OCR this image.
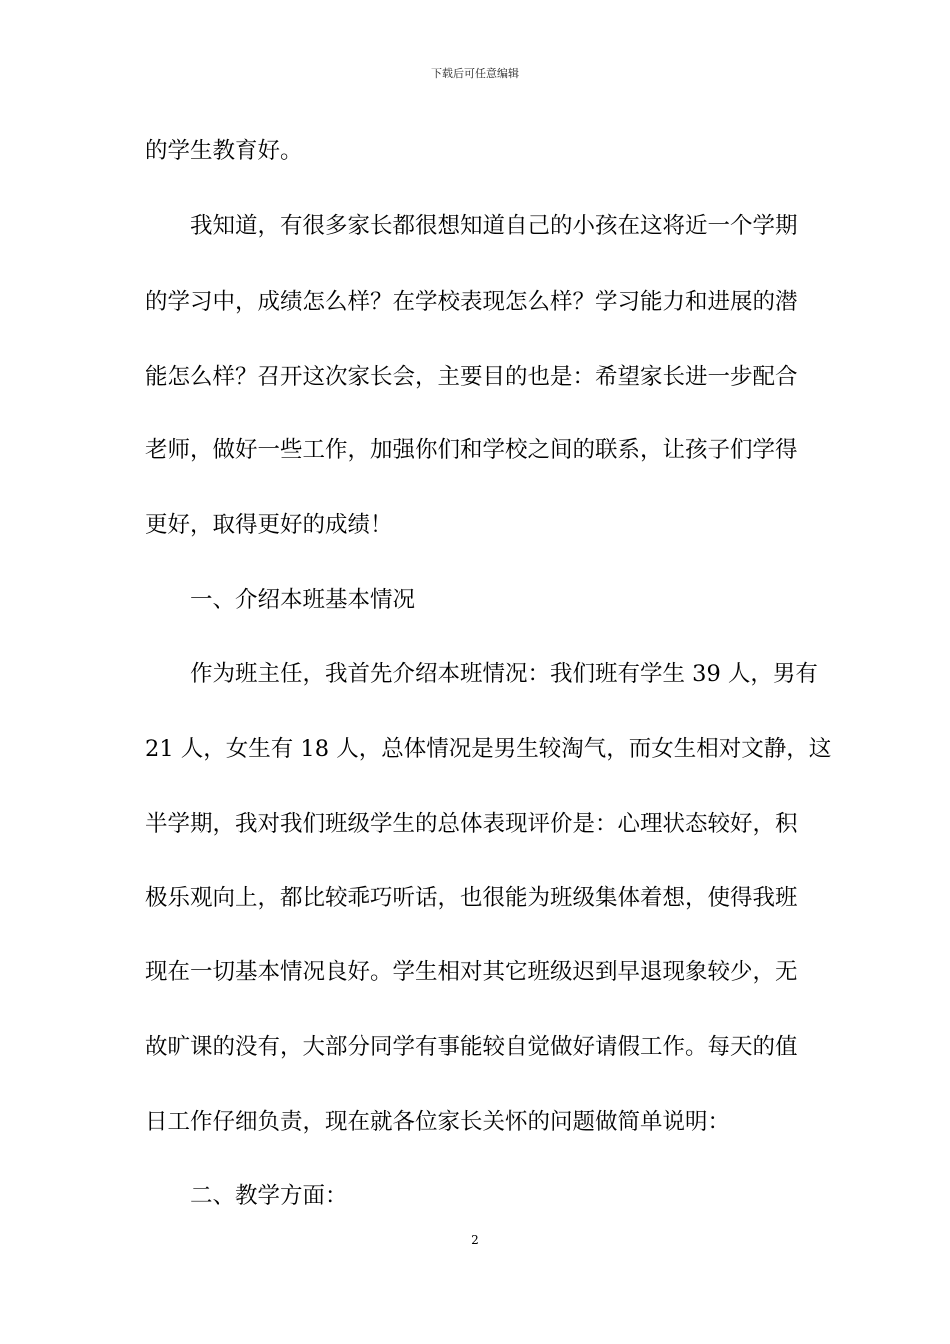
下载后可任意编辑
的学生教育好。
我知道，有很多家长都很想知道自己的小孩在这将近一个学期
的学习中，成绩怎么样？在学校表现怎么样？学习能力和进展的潜
能怎么样？召开这次家长会，主要目的也是：希望家长进一步配合
老师，做好一些工作，加强你们和学校之间的联系，让孩子们学得
更好，取得更好的成绩！
一、介绍本班基本情况
作为班主任，我首先介绍本班情况：我们班有学生 39 人，男有
21 人，女生有 18 人，总体情况是男生较淘气，而女生相对文静，这
半学期，我对我们班级学生的总体表现评价是：心理状态较好，积
极乐观向上，都比较乖巧听话，也很能为班级集体着想，使得我班
现在一切基本情况良好。学生相对其它班级迟到早退现象较少，无
故旷课的没有，大部分同学有事能较自觉做好请假工作。每天的值
日工作仔细负责，现在就各位家长关怀的问题做简单说明：
二、教学方面：
2
